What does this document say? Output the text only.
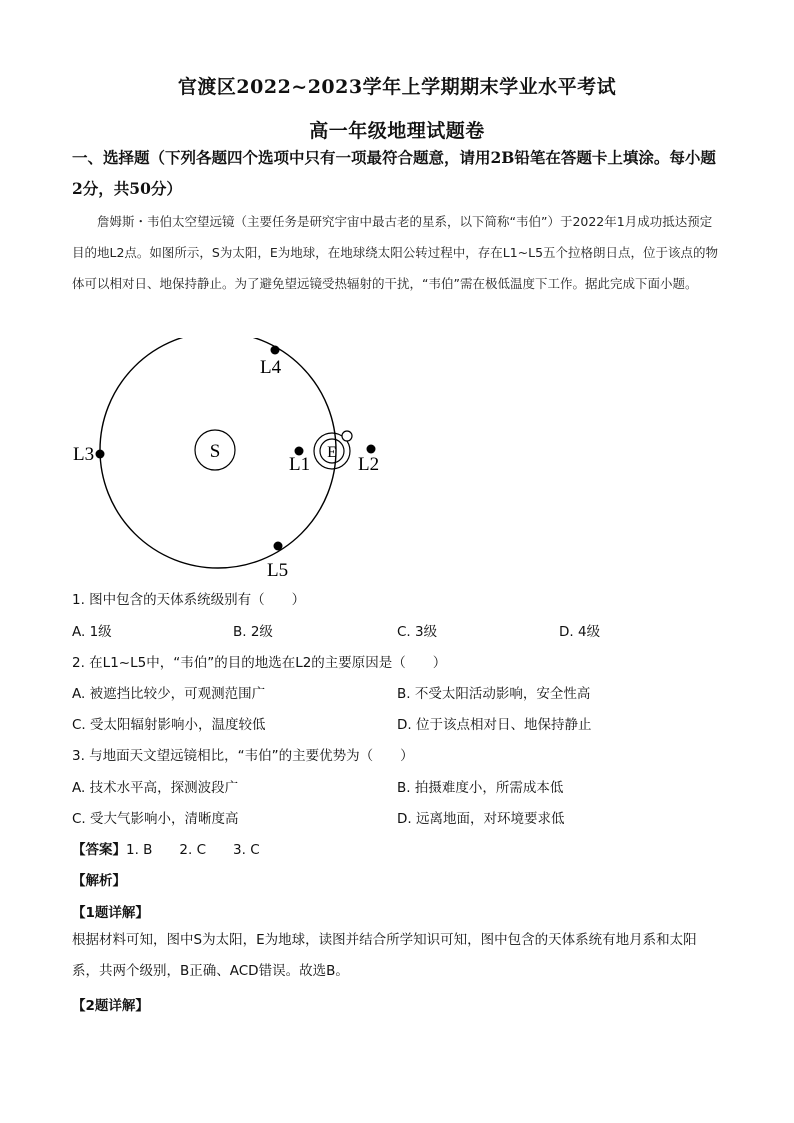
官渡区2022~2023学年上学期期末学业水平考试
高一年级地理试题卷
一、选择题（下列各题四个选项中只有一项最符合题意，请用2B铅笔在答题卡上填涂。每小题2分，共50分）
詹姆斯・韦伯太空望远镜（主要任务是研究宇宙中最古老的星系，以下简称“韦伯”）于2022年1月成功抵达预定目的地L2点。如图所示，S为太阳，E为地球，在地球绕太阳公转过程中，存在L1~L5五个拉格朗日点，位于该点的物体可以相对日、地保持静止。为了避免望远镜受热辐射的干扰，“韦伯”需在极低温度下工作。据此完成下面小题。
S	E
L1	L2
L3
L4
L5
1. 图中包含的天体系统级别有（　　）
A. 1级	B. 2级	C. 3级	D. 4级
2. 在L1~L5中，“韦伯”的目的地选在L2的主要原因是（　　）
A. 被遮挡比较少，可观测范围广	B. 不受太阳活动影响，安全性高
C. 受太阳辐射影响小，温度较低	D. 位于该点相对日、地保持静止
3. 与地面天文望远镜相比，“韦伯”的主要优势为（　　）
A. 技术水平高，探测波段广	B. 拍摄难度小，所需成本低
C. 受大气影响小，清晰度高	D. 远离地面，对环境要求低
【答案】1. B　　2. C　　3. C
【解析】
【1题详解】
根据材料可知，图中S为太阳，E为地球，读图并结合所学知识可知，图中包含的天体系统有地月系和太阳系，共两个级别，B正确、ACD错误。故选B。
【2题详解】
